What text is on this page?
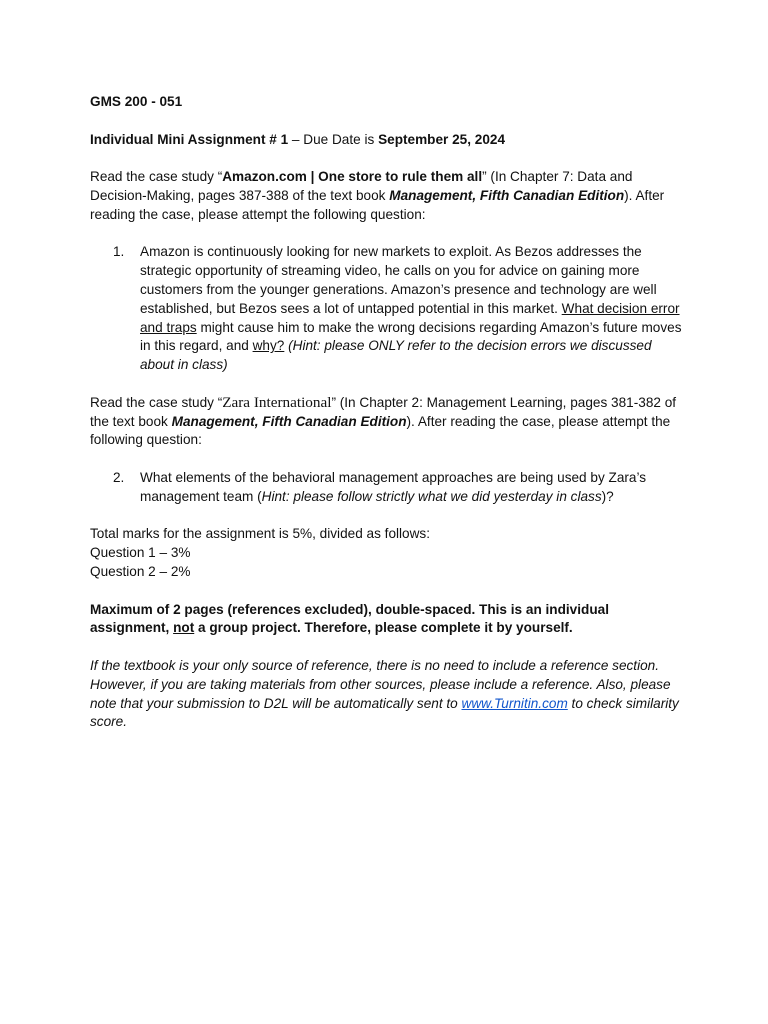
GMS 200 - 051

Individual Mini Assignment # 1 – Due Date is September 25, 2024

Read the case study “Amazon.com | One store to rule them all” (In Chapter 7: Data and Decision-Making, pages 387-388 of the text book Management, Fifth Canadian Edition). After reading the case, please attempt the following question:

1.	Amazon is continuously looking for new markets to exploit. As Bezos addresses the strategic opportunity of streaming video, he calls on you for advice on gaining more customers from the younger generations. Amazon’s presence and technology are well established, but Bezos sees a lot of untapped potential in this market. What decision error and traps might cause him to make the wrong decisions regarding Amazon’s future moves in this regard, and why? (Hint: please ONLY refer to the decision errors we discussed about in class)

Read the case study “Zara International” (In Chapter 2: Management Learning, pages 381-382 of the text book Management, Fifth Canadian Edition). After reading the case, please attempt the following question:

2.	What elements of the behavioral management approaches are being used by Zara’s management team (Hint: please follow strictly what we did yesterday in class)?

Total marks for the assignment is 5%, divided as follows:
Question 1 – 3%
Question 2 – 2%

Maximum of 2 pages (references excluded), double-spaced. This is an individual assignment, not a group project. Therefore, please complete it by yourself.

If the textbook is your only source of reference, there is no need to include a reference section. However, if you are taking materials from other sources, please include a reference. Also, please note that your submission to D2L will be automatically sent to www.Turnitin.com to check similarity score.
